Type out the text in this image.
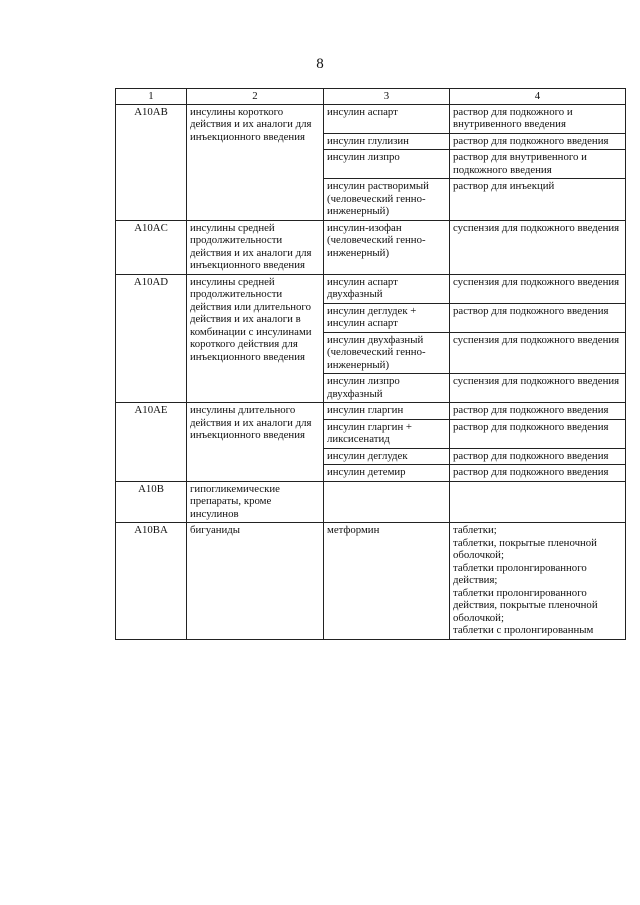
8
1	2	3	4
A10AB	инсулины короткого действия и их аналоги для инъекционного введения	инсулин аспарт	раствор для подкожного и внутривенного введения
		инсулин глулизин	раствор для подкожного введения
		инсулин лизпро	раствор для внутривенного и подкожного введения
		инсулин растворимый (человеческий генно-инженерный)	раствор для инъекций
A10AC	инсулины средней продолжительности действия и их аналоги для инъекционного введения	инсулин-изофан (человеческий генно-инженерный)	суспензия для подкожного введения
A10AD	инсулины средней продолжительности действия или длительного действия и их аналоги в комбинации с инсулинами короткого действия для инъекционного введения	инсулин аспарт двухфазный	суспензия для подкожного введения
		инсулин деглудек + инсулин аспарт	раствор для подкожного введения
		инсулин двухфазный (человеческий генно-инженерный)	суспензия для подкожного введения
		инсулин лизпро двухфазный	суспензия для подкожного введения
A10AE	инсулины длительного действия и их аналоги для инъекционного введения	инсулин гларгин	раствор для подкожного введения
		инсулин гларгин + ликсисенатид	раствор для подкожного введения
		инсулин деглудек	раствор для подкожного введения
		инсулин детемир	раствор для подкожного введения
A10B	гипогликемические препараты, кроме инсулинов		
A10BA	бигуаниды	метформин	таблетки;
таблетки, покрытые пленочной оболочкой;
таблетки пролонгированного действия;
таблетки пролонгированного действия, покрытые пленочной оболочкой;
таблетки с пролонгированным
